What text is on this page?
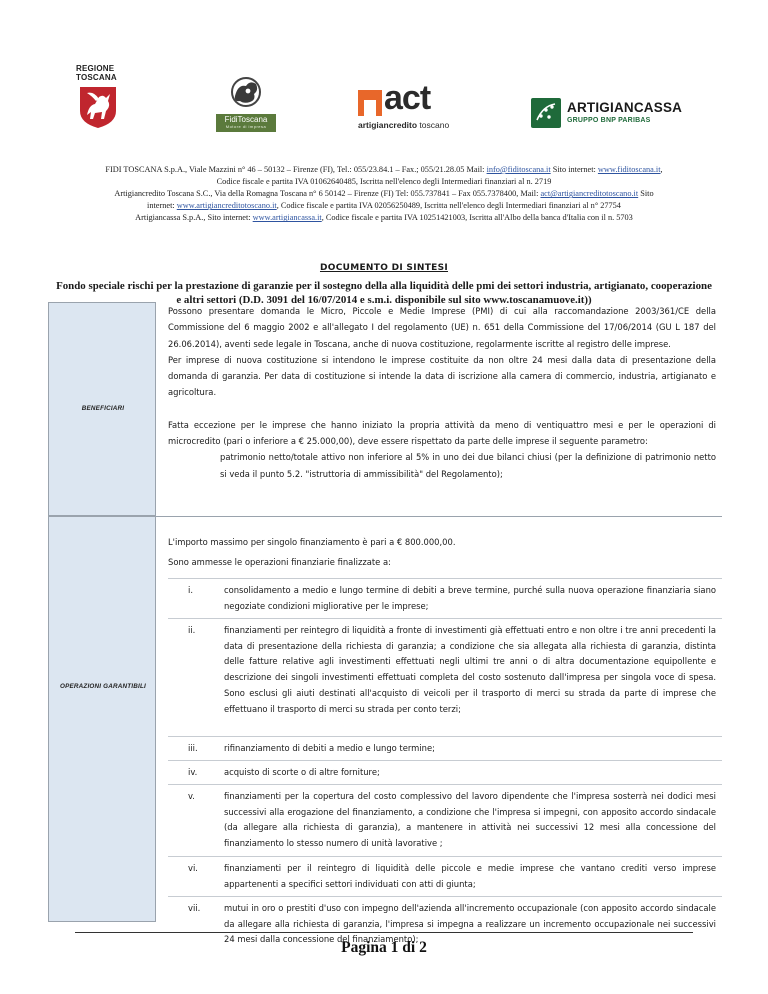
REGIONE TOSCANA
FidiToscana
Motore di impresa
act
artigiancredito toscano
ARTIGIANCASSA
GRUPPO BNP PARIBAS
FIDI TOSCANA S.p.A., Viale Mazzini n° 46 – 50132 – Firenze (FI), Tel.: 055/23.84.1 – Fax.; 055/21.28.05 Mail: info@fiditoscana.it Sito internet: www.fiditoscana.it,
Codice fiscale e partita IVA 01062640485, Iscritta nell'elenco degli Intermediari finanziari al n. 2719
Artigiancredito Toscana S.C., Via della Romagna Toscana n° 6 50142 – Firenze (FI) Tel: 055.737841 – Fax 055.7378400, Mail: act@artigiancreditotoscano.it Sito
internet: www.artigiancreditotoscano.it, Codice fiscale e partita IVA 02056250489, Iscritta nell'elenco degli Intermediari finanziari al n° 27754
Artigiancassa S.p.A., Sito internet: www.artigiancassa.it, Codice fiscale e partita IVA 10251421003, Iscritta all'Albo della banca d'Italia con il n. 5703
DOCUMENTO DI SINTESI
Fondo speciale rischi per la prestazione di garanzie per il sostegno della alla liquidità delle pmi dei settori industria, artigianato, cooperazione e altri settori (D.D. 3091 del 16/07/2014 e s.m.i. disponibile sul sito www.toscanamuove.it))
BENEFICIARI

Possono presentare domanda le Micro, Piccole e Medie Imprese (PMI) di cui alla raccomandazione 2003/361/CE della Commissione del 6 maggio 2002 e all'allegato I del regolamento (UE) n. 651 della Commissione del 17/06/2014 (GU L 187 del 26.06.2014), aventi sede legale in Toscana, anche di nuova costituzione, regolarmente iscritte al registro delle imprese.

Per imprese di nuova costituzione si intendono le imprese costituite da non oltre 24 mesi dalla data di presentazione della domanda di garanzia. Per data di costituzione si intende la data di iscrizione alla camera di commercio, industria, artigianato e agricoltura.

Fatta eccezione per le imprese che hanno iniziato la propria attività da meno di ventiquattro mesi e per le operazioni di microcredito (pari o inferiore a € 25.000,00), deve essere rispettato da parte delle imprese il seguente parametro:

patrimonio netto/totale attivo non inferiore al 5% in uno dei due bilanci chiusi (per la definizione di patrimonio netto si veda il punto 5.2. "istruttoria di ammissibilità" del Regolamento);

OPERAZIONI GARANTIBILI

L'importo massimo per singolo finanziamento è pari a € 800.000,00.

Sono ammesse le operazioni finanziarie finalizzate a:

i.	consolidamento a medio e lungo termine di debiti a breve termine, purché sulla nuova operazione finanziaria siano negoziate condizioni migliorative per le imprese;
ii.	finanziamenti per reintegro di liquidità a fronte di investimenti già effettuati entro e non oltre i tre anni precedenti la data di presentazione della richiesta di garanzia; a condizione che sia allegata alla richiesta di garanzia, distinta delle fatture relative agli investimenti effettuati negli ultimi tre anni o di altra documentazione equipollente e descrizione dei singoli investimenti effettuati completa del costo sostenuto dall'impresa per singola voce di spesa. Sono esclusi gli aiuti destinati all'acquisto di veicoli per il trasporto di merci su strada da parte di imprese che effettuano il trasporto di merci su strada per conto terzi;
iii.	rifinanziamento di debiti a medio e lungo termine;
iv.	acquisto di scorte o di altre forniture;
v.	finanziamenti per la copertura del costo complessivo del lavoro dipendente che l'impresa sosterrà nei dodici mesi successivi alla erogazione del finanziamento, a condizione che l'impresa si impegni, con apposito accordo sindacale (da allegare alla richiesta di garanzia), a mantenere in attività nei successivi 12 mesi alla concessione del finanziamento lo stesso numero di unità lavorative ;
vi.	finanziamenti per il reintegro di liquidità delle piccole e medie imprese che vantano crediti verso imprese appartenenti a specifici settori individuati con atti di giunta;
vii.	mutui in oro o prestiti d'uso con impegno dell'azienda all'incremento occupazionale (con apposito accordo sindacale da allegare alla richiesta di garanzia, l'impresa si impegna a realizzare un incremento occupazionale nei successivi 24 mesi dalla concessione del finanziamento);
Pagina 1 di 2
